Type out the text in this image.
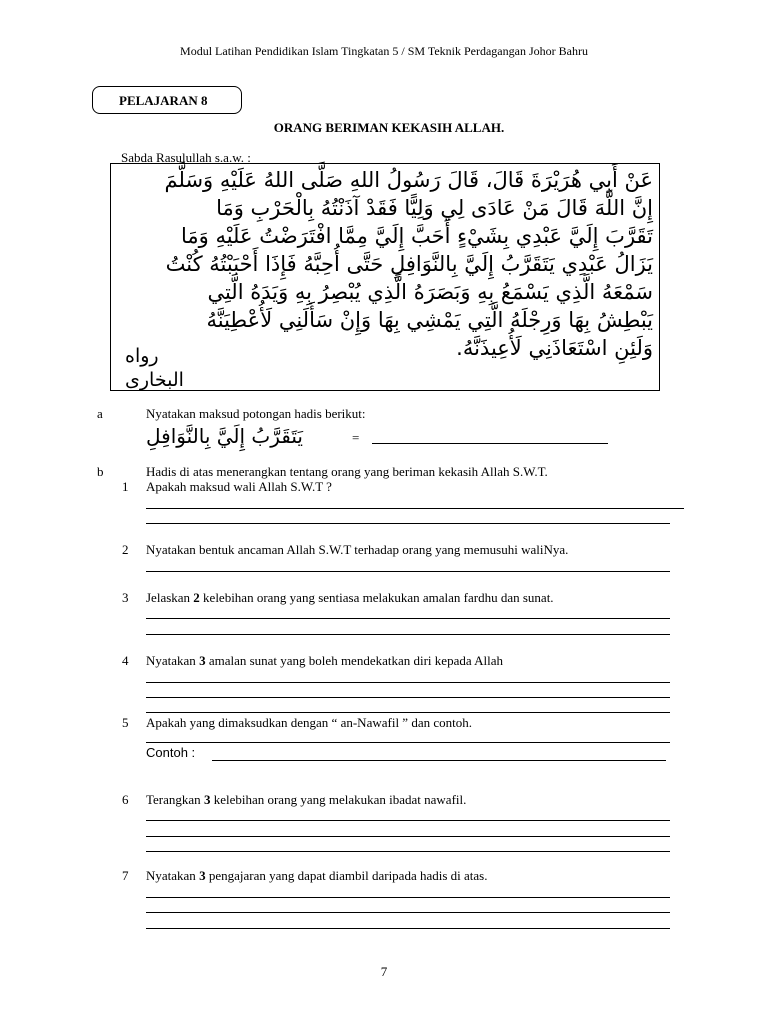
Modul Latihan Pendidikan Islam Tingkatan 5 / SM Teknik Perdagangan Johor Bahru
PELAJARAN 8
ORANG BERIMAN KEKASIH ALLAH.
Sabda Rasulullah s.a.w. :
عَنْ أَبِي هُرَيْرَةَ قَالَ، قَالَ رَسُولُ اللهِ صَلَّى اللهُ عَلَيْهِ وَسَلَّمَ
إِنَّ اللَّهَ قَالَ مَنْ عَادَى لِي وَلِيًّا فَقَدْ آذَنْتُهُ بِالْحَرْبِ وَمَا
تَقَرَّبَ إِلَيَّ عَبْدِي بِشَيْءٍ أَحَبَّ إِلَيَّ مِمَّا افْتَرَضْتُ عَلَيْهِ وَمَا
يَزَالُ عَبْدِي يَتَقَرَّبُ إِلَيَّ بِالنَّوَافِلِ حَتَّى أُحِبَّهُ فَإِذَا أَحْبَبْتُهُ كُنْتُ
سَمْعَهُ الَّذِي يَسْمَعُ بِهِ وَبَصَرَهُ الَّذِي يُبْصِرُ بِهِ وَيَدَهُ الَّتِي
يَبْطِشُ بِهَا وَرِجْلَهُ الَّتِي يَمْشِي بِهَا وَإِنْ سَأَلَنِي لَأُعْطِيَنَّهُ
وَلَئِنِ اسْتَعَاذَنِي لَأُعِيذَنَّهُ.
رواه
البخارى
a	Nyatakan maksud potongan hadis berikut:
يَتَقَرَّبُ إِلَيَّ بِالنَّوَافِلِ	=
b	Hadis di atas menerangkan tentang orang yang beriman kekasih Allah S.W.T.
1 Apakah maksud wali Allah S.W.T ?
2 Nyatakan bentuk ancaman Allah S.W.T terhadap orang yang memusuhi waliNya.
3 Jelaskan 2 kelebihan orang yang sentiasa melakukan amalan fardhu dan sunat.
4 Nyatakan 3 amalan sunat yang boleh mendekatkan diri kepada Allah
5 Apakah yang dimaksudkan dengan “ an-Nawafil ” dan contoh.
Contoh :
6 Terangkan 3 kelebihan orang yang melakukan ibadat nawafil.
7 Nyatakan 3 pengajaran yang dapat diambil daripada hadis di atas.
7
